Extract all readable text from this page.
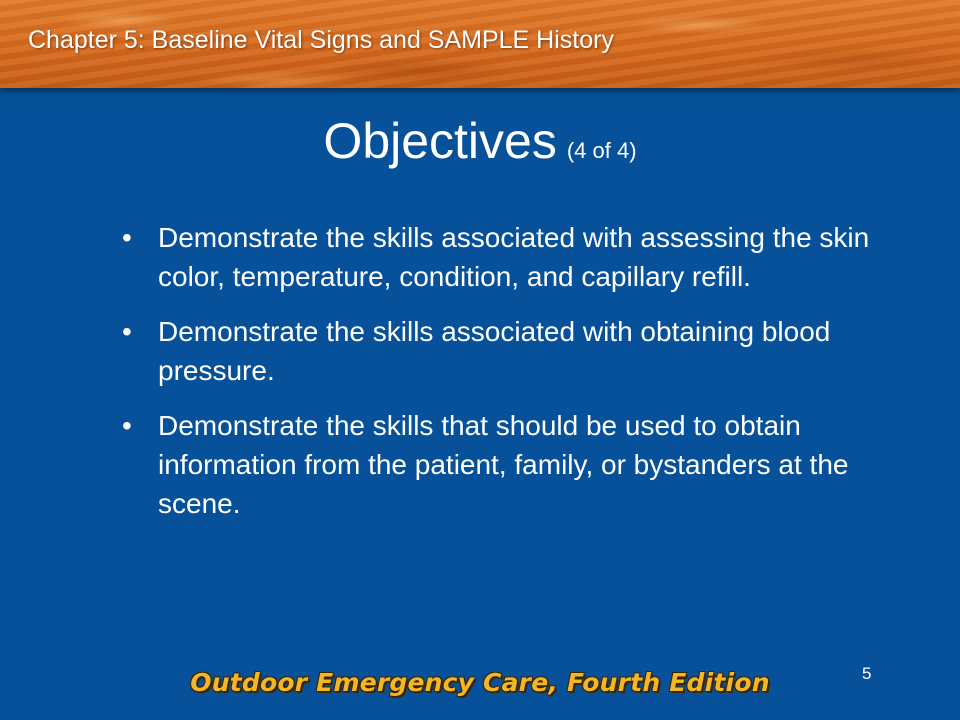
Chapter 5: Baseline Vital Signs and SAMPLE History
Objectives (4 of 4)
• Demonstrate the skills associated with assessing the skin color, temperature, condition, and capillary refill.
• Demonstrate the skills associated with obtaining blood pressure.
• Demonstrate the skills that should be used to obtain information from the patient, family, or bystanders at the scene.
5
Outdoor Emergency Care, Fourth Edition
